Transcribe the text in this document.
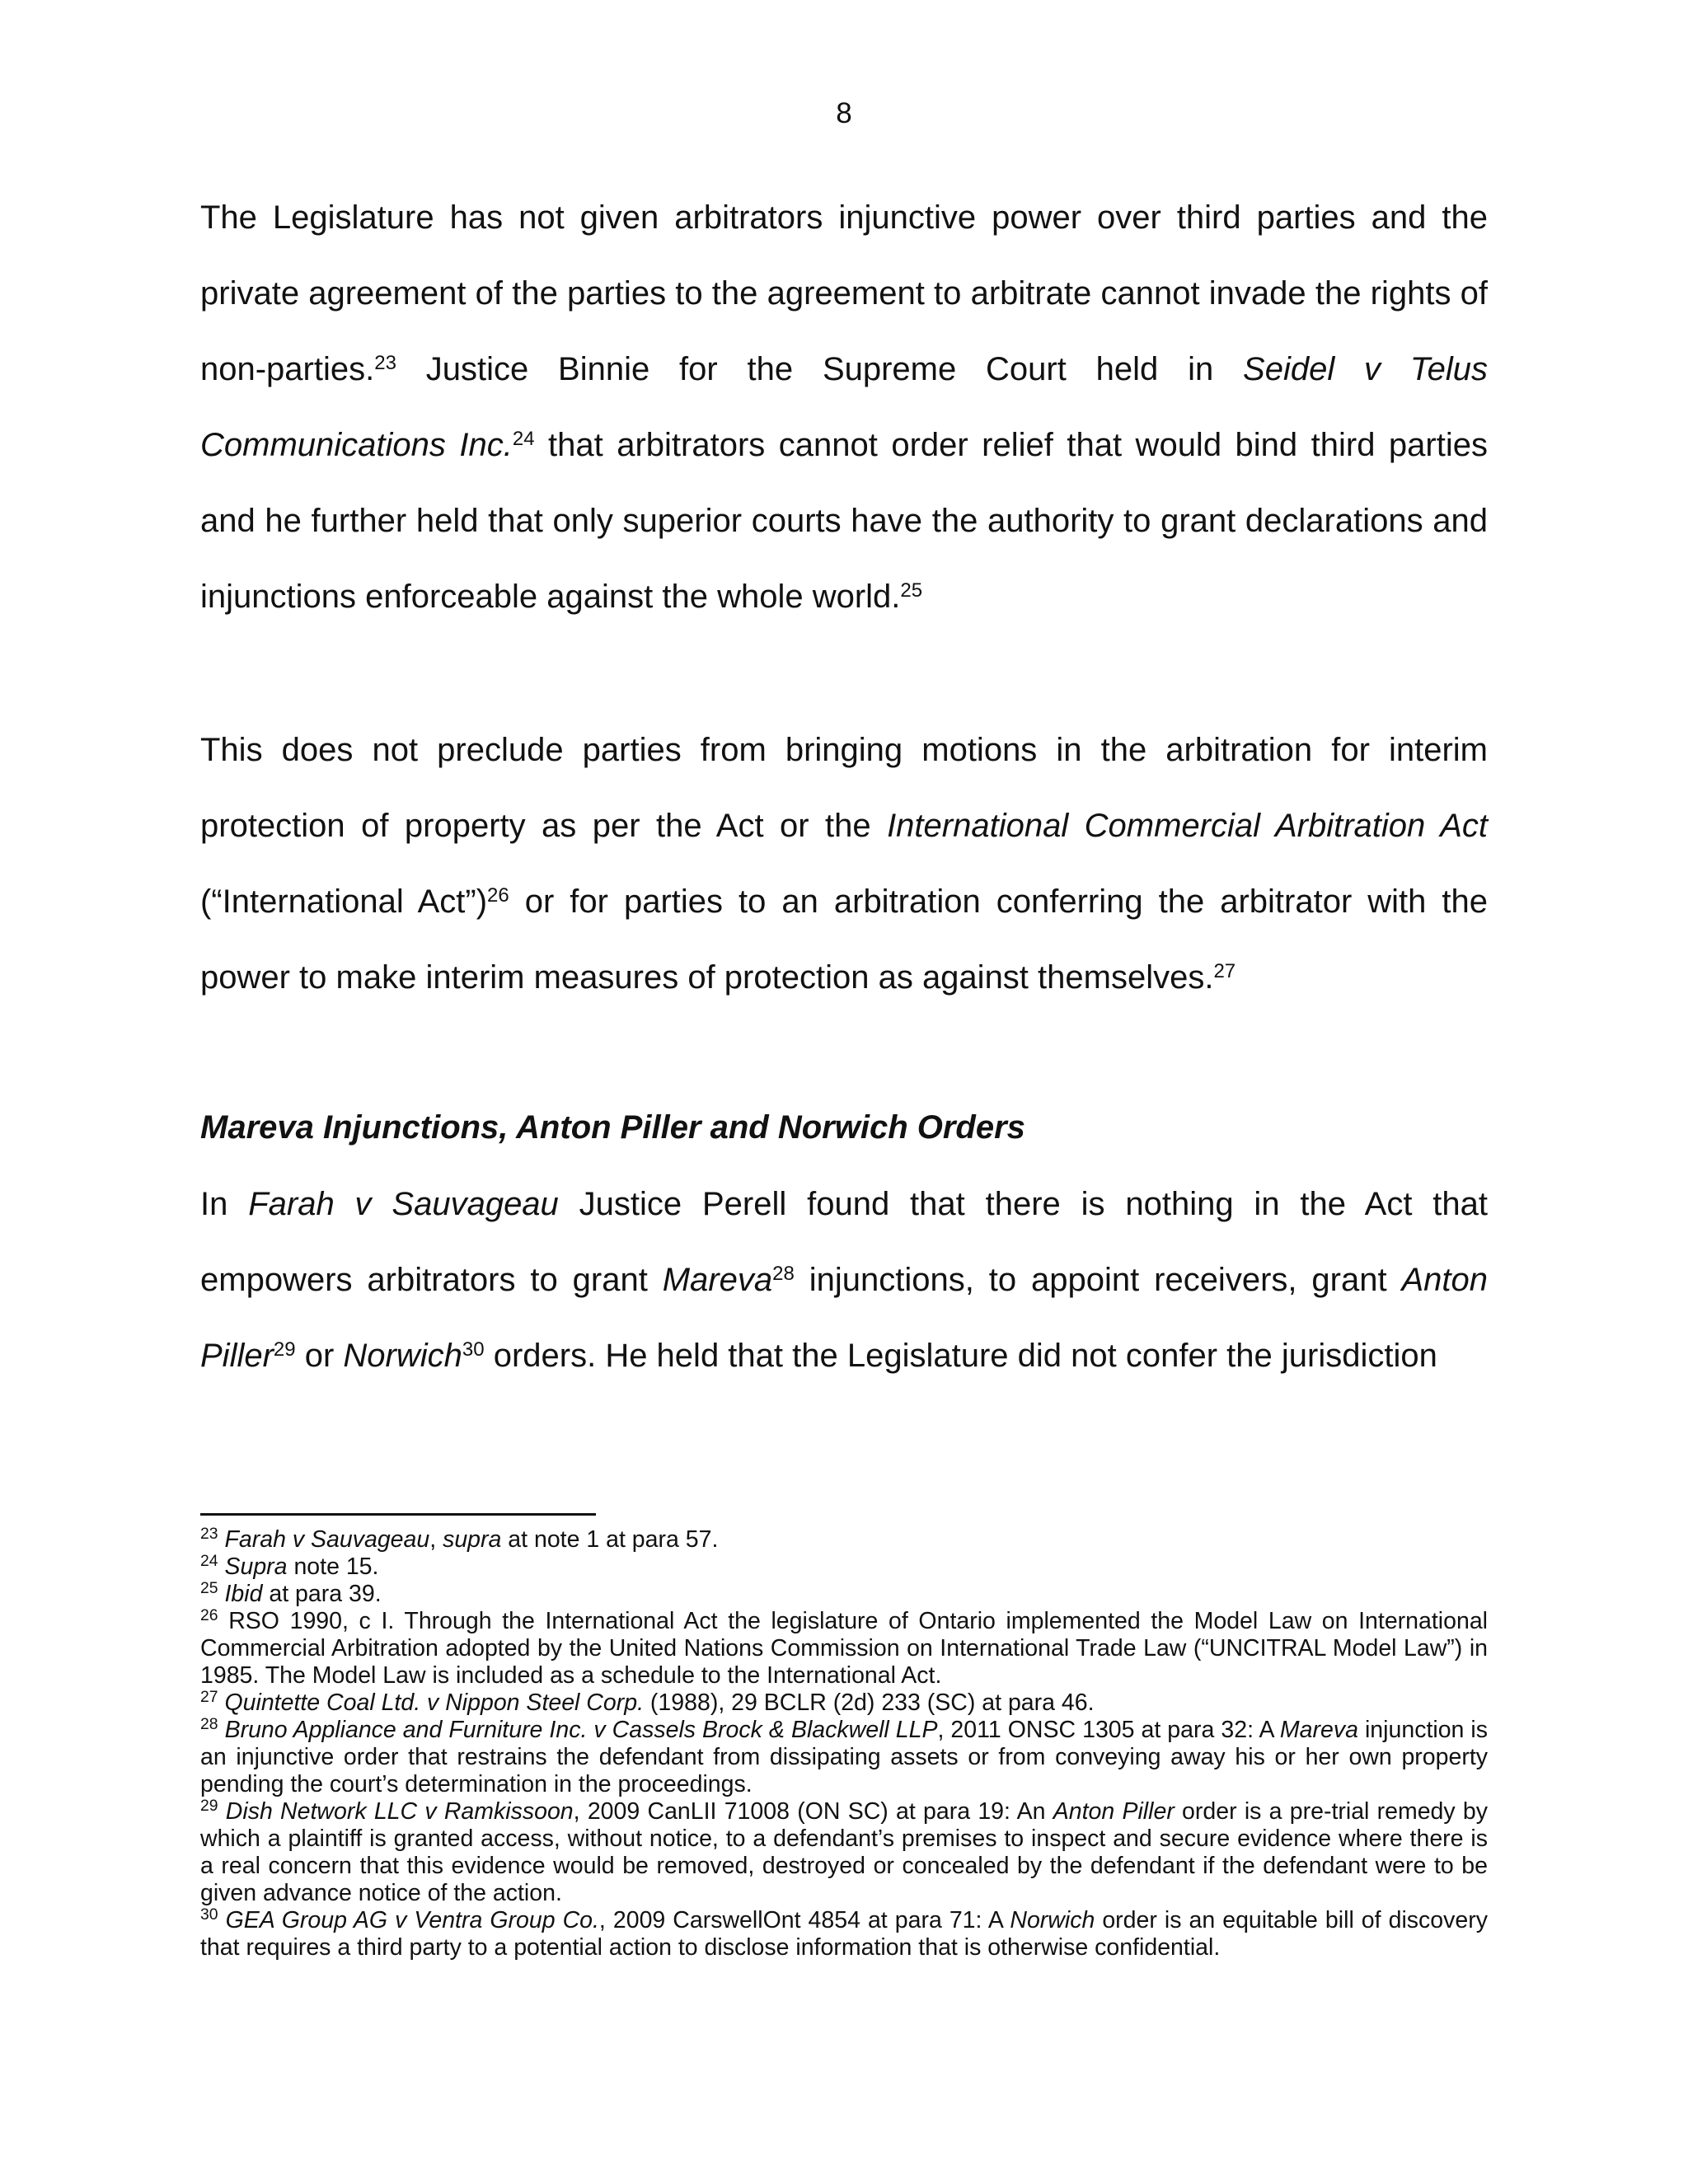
8

The Legislature has not given arbitrators injunctive power over third parties and the private agreement of the parties to the agreement to arbitrate cannot invade the rights of non-parties.$^{23}$ Justice Binnie for the Supreme Court held in Seidel v Telus Communications Inc.$^{24}$ that arbitrators cannot order relief that would bind third parties and he further held that only superior courts have the authority to grant declarations and injunctions enforceable against the whole world.$^{25}$

This does not preclude parties from bringing motions in the arbitration for interim protection of property as per the Act or the International Commercial Arbitration Act (“International Act”)$^{26}$ or for parties to an arbitration conferring the arbitrator with the power to make interim measures of protection as against themselves.$^{27}$

Mareva Injunctions, Anton Piller and Norwich Orders

In Farah v Sauvageau Justice Perell found that there is nothing in the Act that empowers arbitrators to grant Mareva$^{28}$ injunctions, to appoint receivers, grant Anton Piller$^{29}$ or Norwich$^{30}$ orders. He held that the Legislature did not confer the jurisdiction

$^{23}$ Farah v Sauvageau, supra at note 1 at para 57.

$^{24}$ Supra note 15.

$^{25}$ Ibid at para 39.

$^{26}$ RSO 1990, c I. Through the International Act the legislature of Ontario implemented the Model Law on International Commercial Arbitration adopted by the United Nations Commission on International Trade Law (“UNCITRAL Model Law”) in 1985. The Model Law is included as a schedule to the International Act.

$^{27}$ Quintette Coal Ltd. v Nippon Steel Corp. (1988), 29 BCLR (2d) 233 (SC) at para 46.

$^{28}$ Bruno Appliance and Furniture Inc. v Cassels Brock & Blackwell LLP, 2011 ONSC 1305 at para 32: A Mareva injunction is an injunctive order that restrains the defendant from dissipating assets or from conveying away his or her own property pending the court’s determination in the proceedings.

$^{29}$ Dish Network LLC v Ramkissoon, 2009 CanLII 71008 (ON SC) at para 19: An Anton Piller order is a pre-trial remedy by which a plaintiff is granted access, without notice, to a defendant’s premises to inspect and secure evidence where there is a real concern that this evidence would be removed, destroyed or concealed by the defendant if the defendant were to be given advance notice of the action.

$^{30}$ GEA Group AG v Ventra Group Co., 2009 CarswellOnt 4854 at para 71: A Norwich order is an equitable bill of discovery that requires a third party to a potential action to disclose information that is otherwise confidential.
